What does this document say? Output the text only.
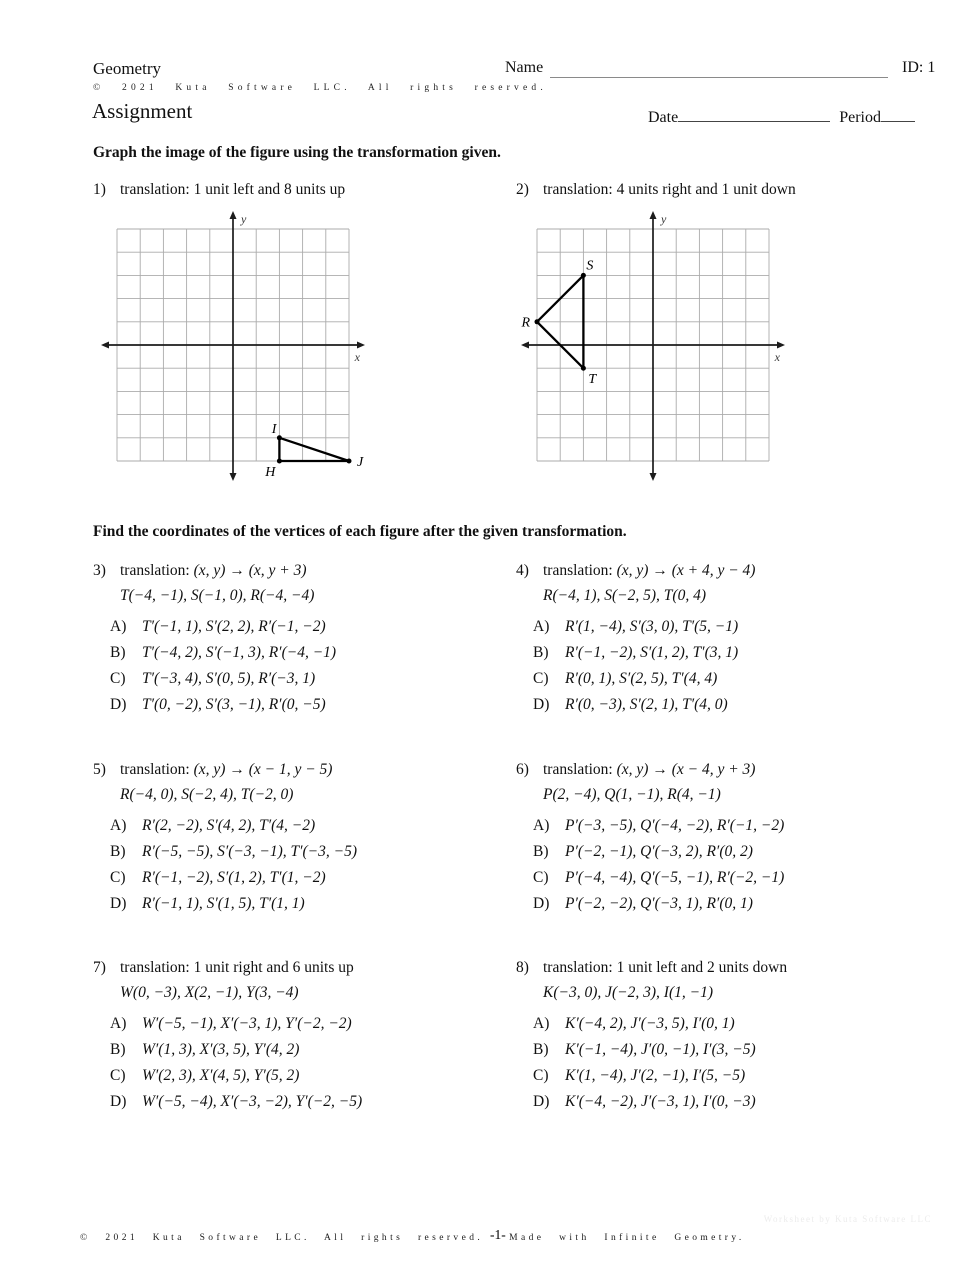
Geometry	Name	ID: 1
© 2021 Kuta Software LLC. All rights reserved.
Assignment	Date	Period
Graph the image of the figure using the transformation given.
1) translation: 1 unit left and 8 units up
x
y
H
I
J
2) translation: 4 units right and 1 unit down
x
y
R
S
T
Find the coordinates of the vertices of each figure after the given transformation.
3) translation: (x, y) → (x, y + 3)
T(−4, −1), S(−1, 0), R(−4, −4)
A) T′(−1, 1), S′(2, 2), R′(−1, −2)
B) T′(−4, 2), S′(−1, 3), R′(−4, −1)
C) T′(−3, 4), S′(0, 5), R′(−3, 1)
D) T′(0, −2), S′(3, −1), R′(0, −5)
4) translation: (x, y) → (x + 4, y − 4)
R(−4, 1), S(−2, 5), T(0, 4)
A) R′(1, −4), S′(3, 0), T′(5, −1)
B) R′(−1, −2), S′(1, 2), T′(3, 1)
C) R′(0, 1), S′(2, 5), T′(4, 4)
D) R′(0, −3), S′(2, 1), T′(4, 0)
5) translation: (x, y) → (x − 1, y − 5)
R(−4, 0), S(−2, 4), T(−2, 0)
A) R′(2, −2), S′(4, 2), T′(4, −2)
B) R′(−5, −5), S′(−3, −1), T′(−3, −5)
C) R′(−1, −2), S′(1, 2), T′(1, −2)
D) R′(−1, 1), S′(1, 5), T′(1, 1)
6) translation: (x, y) → (x − 4, y + 3)
P(2, −4), Q(1, −1), R(4, −1)
A) P′(−3, −5), Q′(−4, −2), R′(−1, −2)
B) P′(−2, −1), Q′(−3, 2), R′(0, 2)
C) P′(−4, −4), Q′(−5, −1), R′(−2, −1)
D) P′(−2, −2), Q′(−3, 1), R′(0, 1)
7) translation: 1 unit right and 6 units up
W(0, −3), X(2, −1), Y(3, −4)
A) W′(−5, −1), X′(−3, 1), Y′(−2, −2)
B) W′(1, 3), X′(3, 5), Y′(4, 2)
C) W′(2, 3), X′(4, 5), Y′(5, 2)
D) W′(−5, −4), X′(−3, −2), Y′(−2, −5)
8) translation: 1 unit left and 2 units down
K(−3, 0), J(−2, 3), I(1, −1)
A) K′(−4, 2), J′(−3, 5), I′(0, 1)
B) K′(−1, −4), J′(0, −1), I′(3, −5)
C) K′(1, −4), J′(2, −1), I′(5, −5)
D) K′(−4, −2), J′(−3, 1), I′(0, −3)
Worksheet by Kuta Software LLC
© 2021 Kuta Software LLC. All rights reserved.	Made with Infinite Geometry.
-1-
